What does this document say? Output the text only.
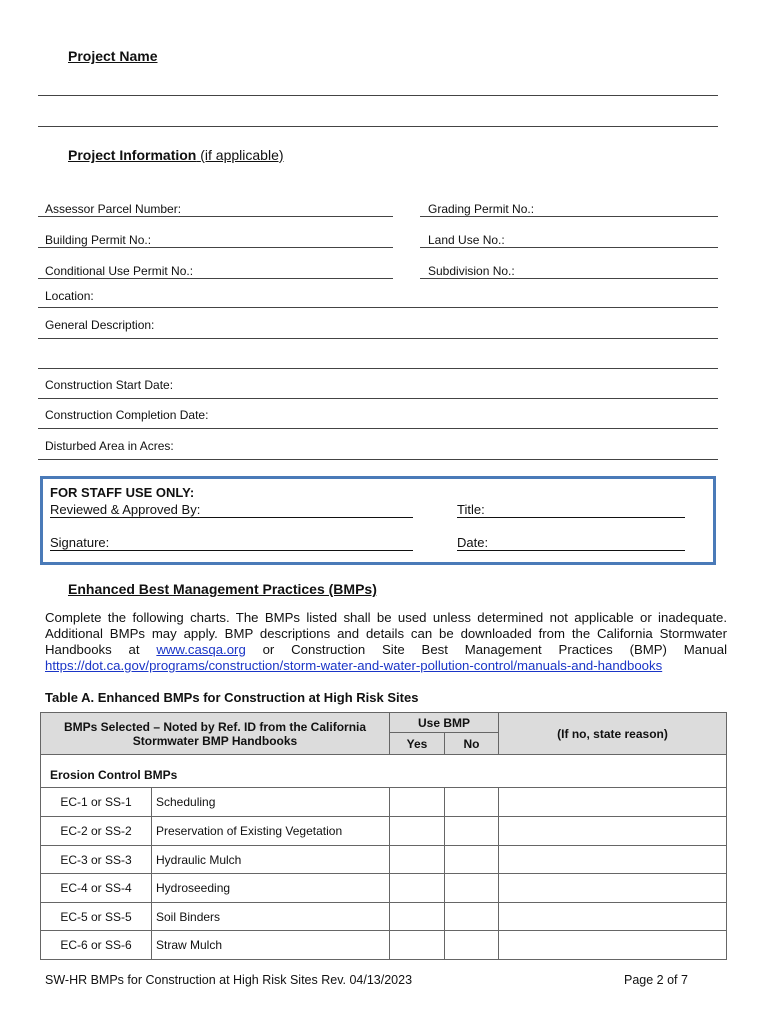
Project Name
Project Information (if applicable)
Assessor Parcel Number:	Grading Permit No.:
Building Permit No.:	Land Use No.:
Conditional Use Permit No.:	Subdivision No.:
Location:
General Description:
Construction Start Date:
Construction Completion Date:
Disturbed Area in Acres:
FOR STAFF USE ONLY:
Reviewed & Approved By:	Title:
Signature:	Date:
Enhanced Best Management Practices (BMPs)
Complete the following charts. The BMPs listed shall be used unless determined not applicable or inadequate. Additional BMPs may apply. BMP descriptions and details can be downloaded from the California Stormwater Handbooks at www.casqa.org or Construction Site Best Management Practices (BMP) Manual https://dot.ca.gov/programs/construction/storm-water-and-water-pollution-control/manuals-and-handbooks
Table A. Enhanced BMPs for Construction at High Risk Sites
BMPs Selected – Noted by Ref. ID from the California Stormwater BMP Handbooks		Use BMP		(If no, state reason)
		Yes	No	
Erosion Control BMPs				
EC-1 or SS-1	Scheduling			
EC-2 or SS-2	Preservation of Existing Vegetation			
EC-3 or SS-3	Hydraulic Mulch			
EC-4 or SS-4	Hydroseeding			
EC-5 or SS-5	Soil Binders			
EC-6 or SS-6	Straw Mulch			
SW-HR BMPs for Construction at High Risk Sites Rev. 04/13/2023	Page 2 of 7
